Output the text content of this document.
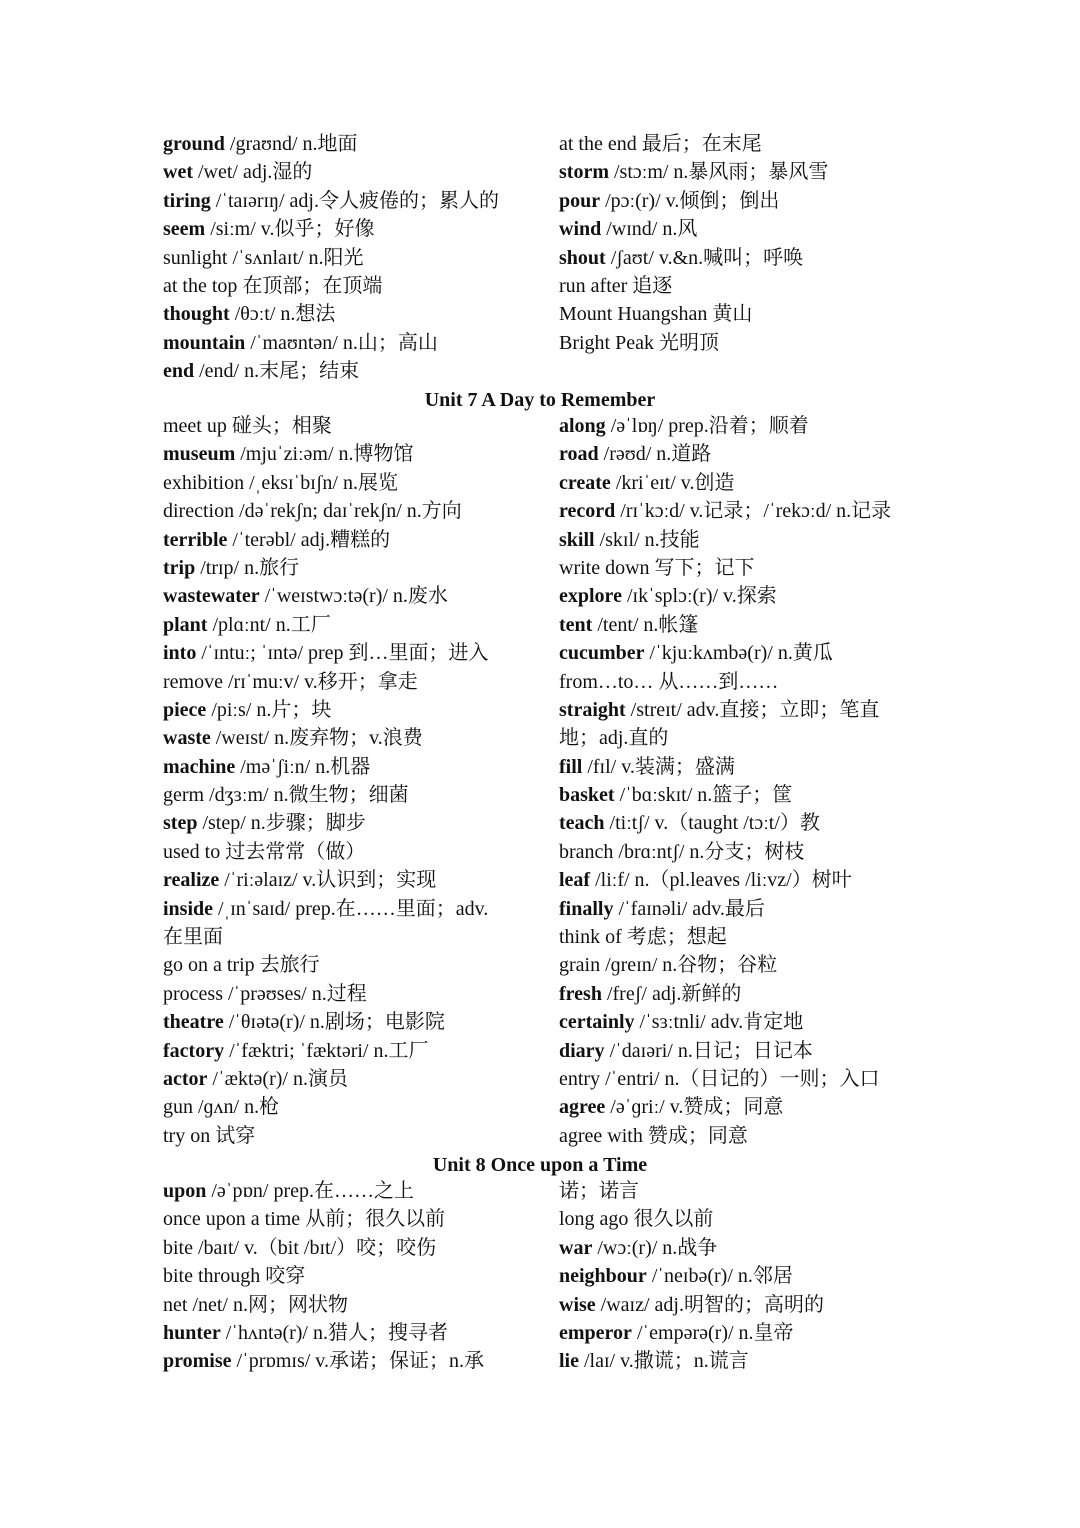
ground /graʊnd/ n.地面
wet /wet/ adj.湿的
tiring /ˈtaɪərɪŋ/ adj.令人疲倦的；累人的
seem /siːm/ v.似乎；好像
sunlight /ˈsʌnlaɪt/ n.阳光
at the top 在顶部；在顶端
thought /θɔːt/ n.想法
mountain /ˈmaʊntən/ n.山；高山
end /end/ n.末尾；结束
at the end 最后；在末尾
storm /stɔːm/ n.暴风雨；暴风雪
pour /pɔː(r)/ v.倾倒；倒出
wind /wɪnd/ n.风
shout /ʃaʊt/ v.&n.喊叫；呼唤
run after 追逐
Mount Huangshan 黄山
Bright Peak 光明顶
Unit 7 A Day to Remember
meet up 碰头；相聚
museum /mjuˈziːəm/ n.博物馆
exhibition /ˌeksɪˈbɪʃn/ n.展览
direction /dəˈrekʃn; daɪˈrekʃn/ n.方向
terrible /ˈterəbl/ adj.糟糕的
trip /trɪp/ n.旅行
wastewater /ˈweɪstwɔːtə(r)/ n.废水
plant /plɑːnt/ n.工厂
into /ˈɪntuː; ˈɪntə/ prep 到…里面；进入
remove /rɪˈmuːv/ v.移开；拿走
piece /piːs/ n.片；块
waste /weɪst/ n.废弃物；v.浪费
machine /məˈʃiːn/ n.机器
germ /dʒɜːm/ n.微生物；细菌
step /step/ n.步骤；脚步
used to 过去常常（做）
realize /ˈriːəlaɪz/ v.认识到；实现
inside /ˌɪnˈsaɪd/ prep.在……里面；adv.
在里面
go on a trip 去旅行
process /ˈprəʊses/ n.过程
theatre /ˈθɪətə(r)/ n.剧场；电影院
factory /ˈfæktri; ˈfæktəri/ n.工厂
actor /ˈæktə(r)/ n.演员
gun /ɡʌn/ n.枪
try on 试穿
along /əˈlɒŋ/ prep.沿着；顺着
road /rəʊd/ n.道路
create /kriˈeɪt/ v.创造
record /rɪˈkɔːd/ v.记录；/ˈrekɔːd/ n.记录
skill /skɪl/ n.技能
write down 写下；记下
explore /ɪkˈsplɔː(r)/ v.探索
tent /tent/ n.帐篷
cucumber /ˈkjuːkʌmbə(r)/ n.黄瓜
from…to… 从……到……
straight /streɪt/ adv.直接；立即；笔直
地；adj.直的
fill /fɪl/ v.装满；盛满
basket /ˈbɑːskɪt/ n.篮子；筐
teach /tiːtʃ/ v.（taught /tɔːt/）教
branch /brɑːntʃ/ n.分支；树枝
leaf /liːf/ n.（pl.leaves /liːvz/）树叶
finally /ˈfaɪnəli/ adv.最后
think of 考虑；想起
grain /ɡreɪn/ n.谷物；谷粒
fresh /freʃ/ adj.新鲜的
certainly /ˈsɜːtnli/ adv.肯定地
diary /ˈdaɪəri/ n.日记；日记本
entry /ˈentri/ n.（日记的）一则；入口
agree /əˈɡriː/ v.赞成；同意
agree with 赞成；同意
Unit 8 Once upon a Time
upon /əˈpɒn/ prep.在……之上
once upon a time 从前；很久以前
bite /baɪt/ v.（bit /bɪt/）咬；咬伤
bite through 咬穿
net /net/ n.网；网状物
hunter /ˈhʌntə(r)/ n.猎人；搜寻者
promise /ˈprɒmɪs/ v.承诺；保证；n.承
诺；诺言
long ago 很久以前
war /wɔː(r)/ n.战争
neighbour /ˈneɪbə(r)/ n.邻居
wise /waɪz/ adj.明智的；高明的
emperor /ˈempərə(r)/ n.皇帝
lie /laɪ/ v.撒谎；n.谎言
